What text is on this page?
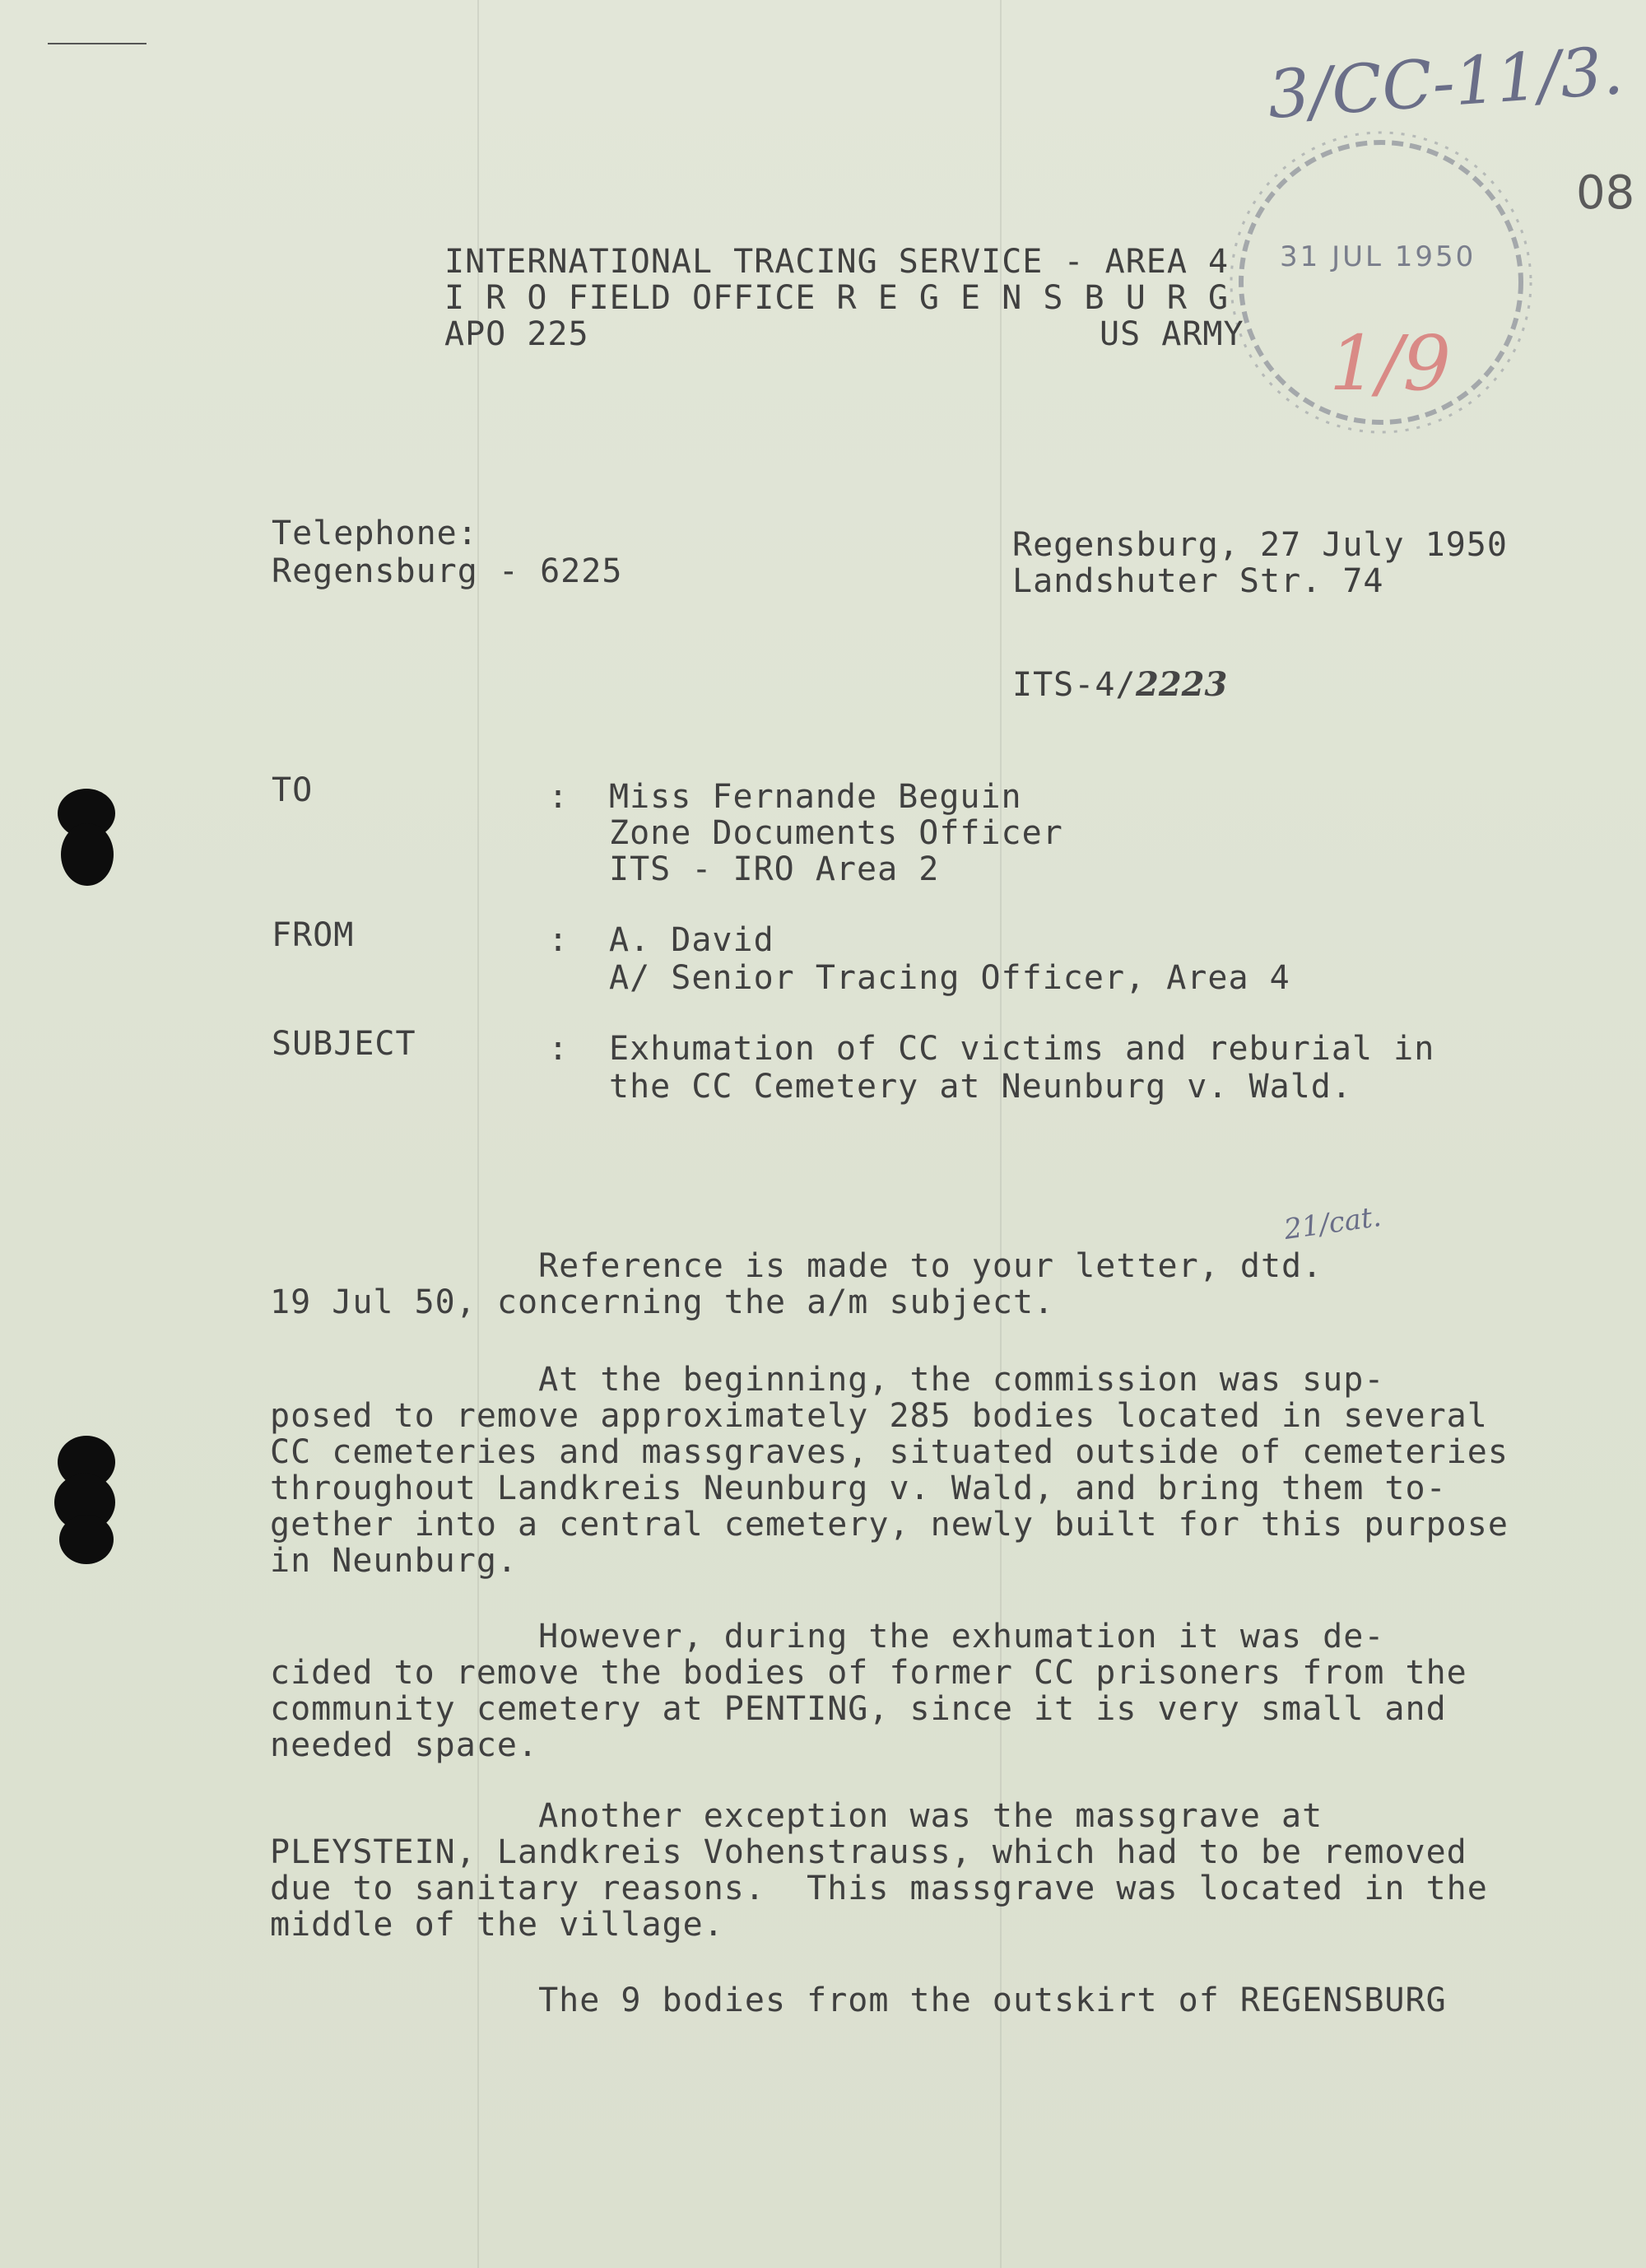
3/CC-11/3.
08
31 JUL 1950
1/9
INTERNATIONAL TRACING SERVICE - AREA 4
I R O FIELD OFFICE R E G E N S B U R G
APO 225	US ARMY
Telephone:
Regensburg - 6225
Regensburg, 27 July 1950
Landshuter Str. 74
ITS-4/ 2223
TO	: Miss Fernande Beguin
Zone Documents Officer
ITS - IRO Area 2
FROM	: A. David
A/ Senior Tracing Officer, Area 4
SUBJECT	: Exhumation of CC victims and reburial in
the CC Cemetery at Neunburg v. Wald.
21/cat.
Reference is made to your letter, dtd.
19 Jul 50, concerning the a/m subject.
At the beginning, the commission was sup-
posed to remove approximately 285 bodies located in several
CC cemeteries and massgraves, situated outside of cemeteries
throughout Landkreis Neunburg v. Wald, and bring them to-
gether into a central cemetery, newly built for this purpose
in Neunburg.
However, during the exhumation it was de-
cided to remove the bodies of former CC prisoners from the
community cemetery at PENTING, since it is very small and
needed space.
Another exception was the massgrave at
PLEYSTEIN, Landkreis Vohenstrauss, which had to be removed
due to sanitary reasons.  This massgrave was located in the
middle of the village.
The 9 bodies from the outskirt of REGENSBURG
